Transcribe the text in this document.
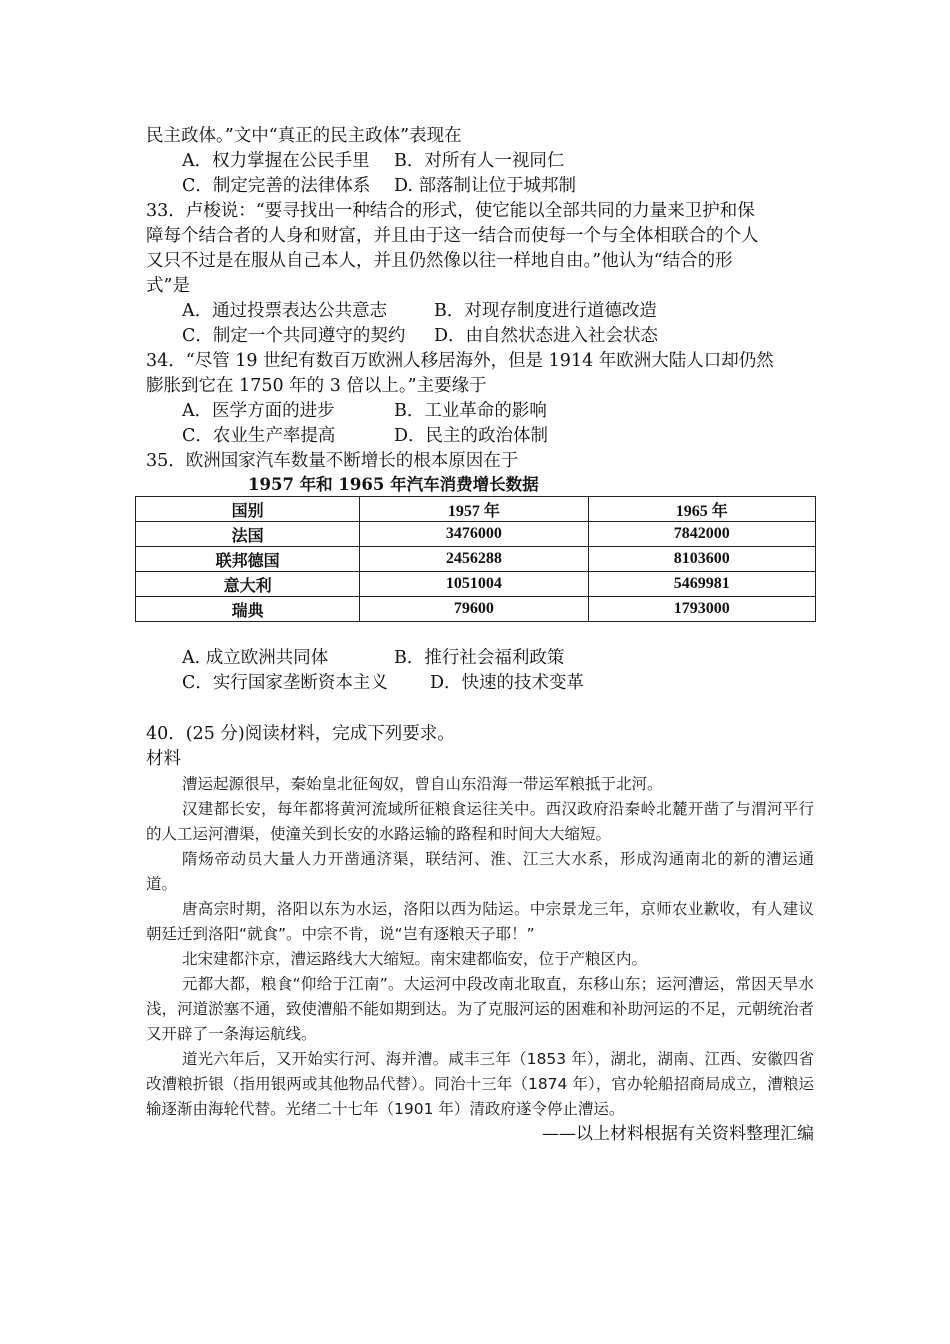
民主政体。”文中“真正的民主政体”表现在
A．权力掌握在公民手里 B．对所有人一视同仁
C．制定完善的法律体系 D. 部落制让位于城邦制
33．卢梭说：“要寻找出一种结合的形式，使它能以全部共同的力量来卫护和保
障每个结合者的人身和财富，并且由于这一结合而使每一个与全体相联合的个人
又只不过是在服从自己本人，并且仍然像以往一样地自由。”他认为“结合的形
式”是
A．通过投票表达公共意志	B．对现存制度进行道德改造
C．制定一个共同遵守的契约 D．由自然状态进入社会状态
34．“尽管 19 世纪有数百万欧洲人移居海外，但是 1914 年欧洲大陆人口却仍然
膨胀到它在 1750 年的 3 倍以上。”主要缘于
A．医学方面的进步	B．工业革命的影响
C．农业生产率提高	D．民主的政治体制
35．欧洲国家汽车数量不断增长的根本原因在于
1957 年和 1965 年汽车消费增长数据
国别	1957 年	1965 年
法国	3476000	7842000
联邦德国	2456288	8103600
意大利	1051004	5469981
瑞典	79600	1793000
A. 成立欧洲共同体	B．推行社会福利政策
C．实行国家垄断资本主义 D．快速的技术变革
40．(25 分)阅读材料，完成下列要求。
材料
漕运起源很早，秦始皇北征匈奴，曾自山东沿海一带运军粮抵于北河。
汉建都长安，每年都将黄河流域所征粮食运往关中。西汉政府沿秦岭北麓开凿了与渭河平行的人工运河漕渠，使潼关到长安的水路运输的路程和时间大大缩短。
隋炀帝动员大量人力开凿通济渠，联结河、淮、江三大水系，形成沟通南北的新的漕运通道。
唐高宗时期，洛阳以东为水运，洛阳以西为陆运。中宗景龙三年，京师农业歉收，有人建议朝廷迁到洛阳“就食”。中宗不肯，说“岂有逐粮天子耶！”
北宋建都汴京，漕运路线大大缩短。南宋建都临安，位于产粮区内。
元都大都，粮食“仰给于江南”。大运河中段改南北取直，东移山东；运河漕运，常因天旱水浅，河道淤塞不通，致使漕船不能如期到达。为了克服河运的困难和补助河运的不足，元朝统治者又开辟了一条海运航线。
道光六年后，又开始实行河、海并漕。咸丰三年（1853 年），湖北，湖南、江西、安徽四省改漕粮折银（指用银两或其他物品代替）。同治十三年（1874 年），官办轮船招商局成立，漕粮运输逐渐由海轮代替。光绪二十七年（1901 年）清政府遂令停止漕运。
——以上材料根据有关资料整理汇编
